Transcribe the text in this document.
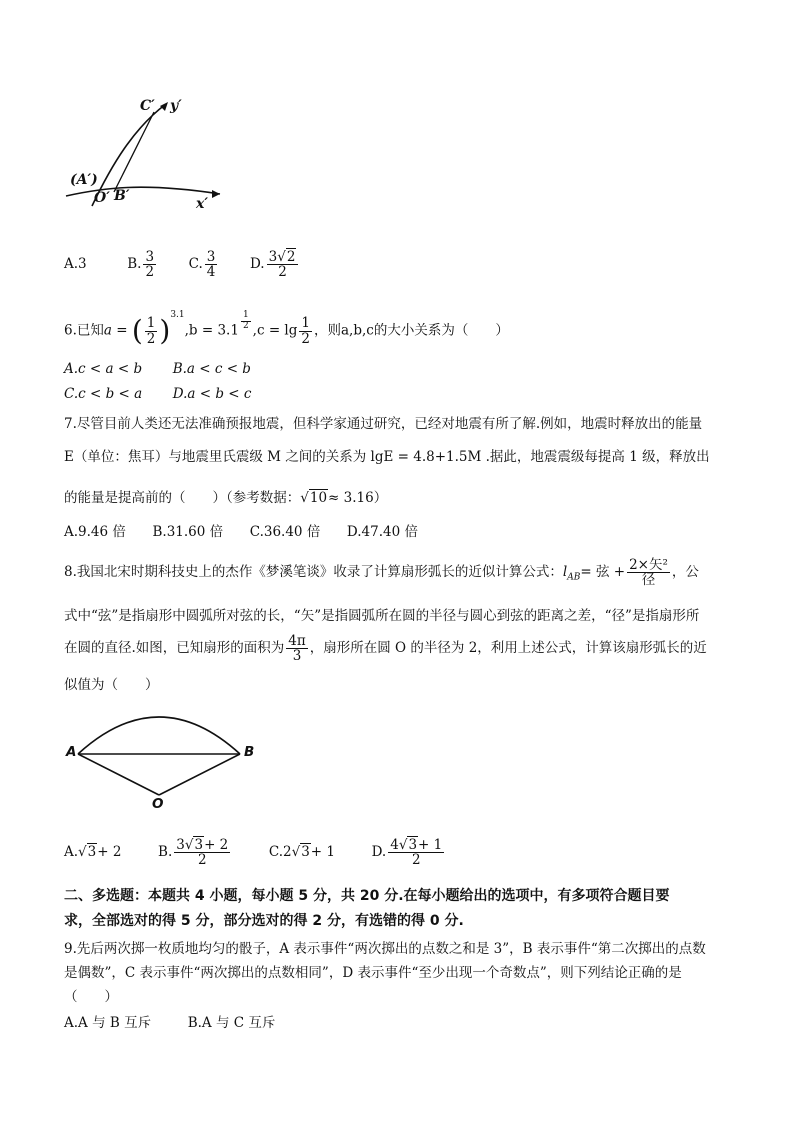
C′ y′
(A′)
O′ B′	x′
A.3	B. $\frac{3}{2} C$. $\frac{3}{4} D$. $\frac{3√2}{2}$
6.已知a = ( $\frac{1}{2} )^{3.1},b = 3.1$ $^{\frac{1}{2}}$ $,c = \lg \frac{1}{2}$ ，则a,b,c的大小关系为（　　）
A.c < a < b B.a < c < b
C.c < b < a D.a < b < c
7.尽管目前人类还无法准确预报地震，但科学家通过研究，已经对地震有所了解.例如，地震时释放出的能量
E（单位：焦耳）与地震里氏震级 M 之间的关系为 lgE = 4.8+1.5M .据此，地震震级每提高 1 级，释放出
的能量是提高前的（　　）（参考数据：√10≈ 3.16）
A.9.46 倍 B.31.60 倍 C.36.40 倍 D.47.40 倍
8.我国北宋时期科技史上的杰作《梦溪笔谈》收录了计算扇形弧长的近似计算公式：$l_{AB}=$ 弦 + $\frac{\text{2×矢²}}{\text{径}}$ ，公
式中“弦”是指扇形中圆弧所对弦的长，“矢”是指圆弧所在圆的半径与圆心到弦的距离之差，“径”是指扇形所
在圆的直径.如图，已知扇形的面积为 $\frac{4\pi}{3}$ ，扇形所在圆 O 的半径为 2，利用上述公式，计算该扇形弧长的近
似值为（　　）
A	B
O
A.√3+ 2	B. $\frac{3√3+ 2}{2}$	C.2√3+ 1	D. $\frac{4√3+ 1}{2}$
二、多选题：本题共 4 小题，每小题 5 分，共 20 分.在每小题给出的选项中，有多项符合题目要
求，全部选对的得 5 分，部分选对的得 2 分，有选错的得 0 分.
9.先后两次掷一枚质地均匀的骰子，A 表示事件“两次掷出的点数之和是 3”，B 表示事件“第二次掷出的点数
是偶数”，C 表示事件“两次掷出的点数相同”，D 表示事件“至少出现一个奇数点”，则下列结论正确的是
（　　）
A.A 与 B 互斥	B.A 与 C 互斥
